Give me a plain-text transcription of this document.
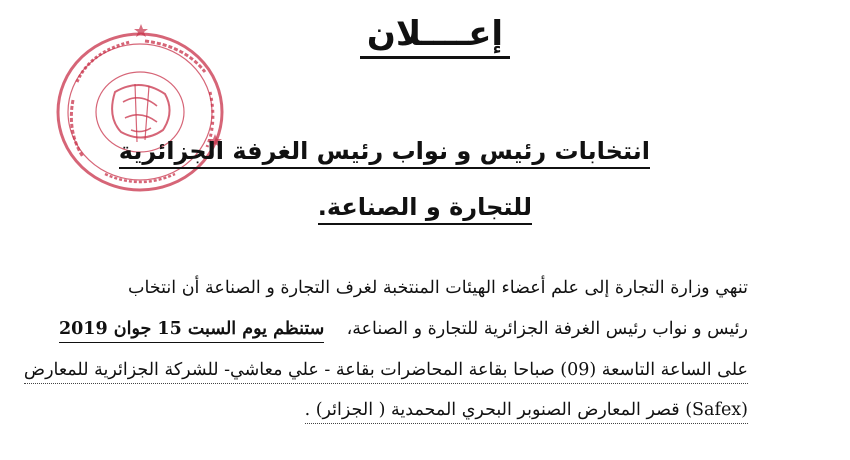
إعــــلان
انتخابات رئيس و نواب رئيس الغرفة الجزائرية
للتجارة و الصناعة.
تنهي وزارة التجارة إلى علم أعضاء الهيئات المنتخبة لغرف التجارة و الصناعة أن انتخاب
رئيس و نواب رئيس الغرفة الجزائرية للتجارة و الصناعة،    ستنظم يوم السبت 15 جوان 2019
على الساعة التاسعة (09) صباحا بقاعة المحاضرات بقاعة - علي معاشي- للشركة الجزائرية للمعارض
(Safex) قصر المعارض الصنوبر البحري المحمدية ( الجزائر) .
